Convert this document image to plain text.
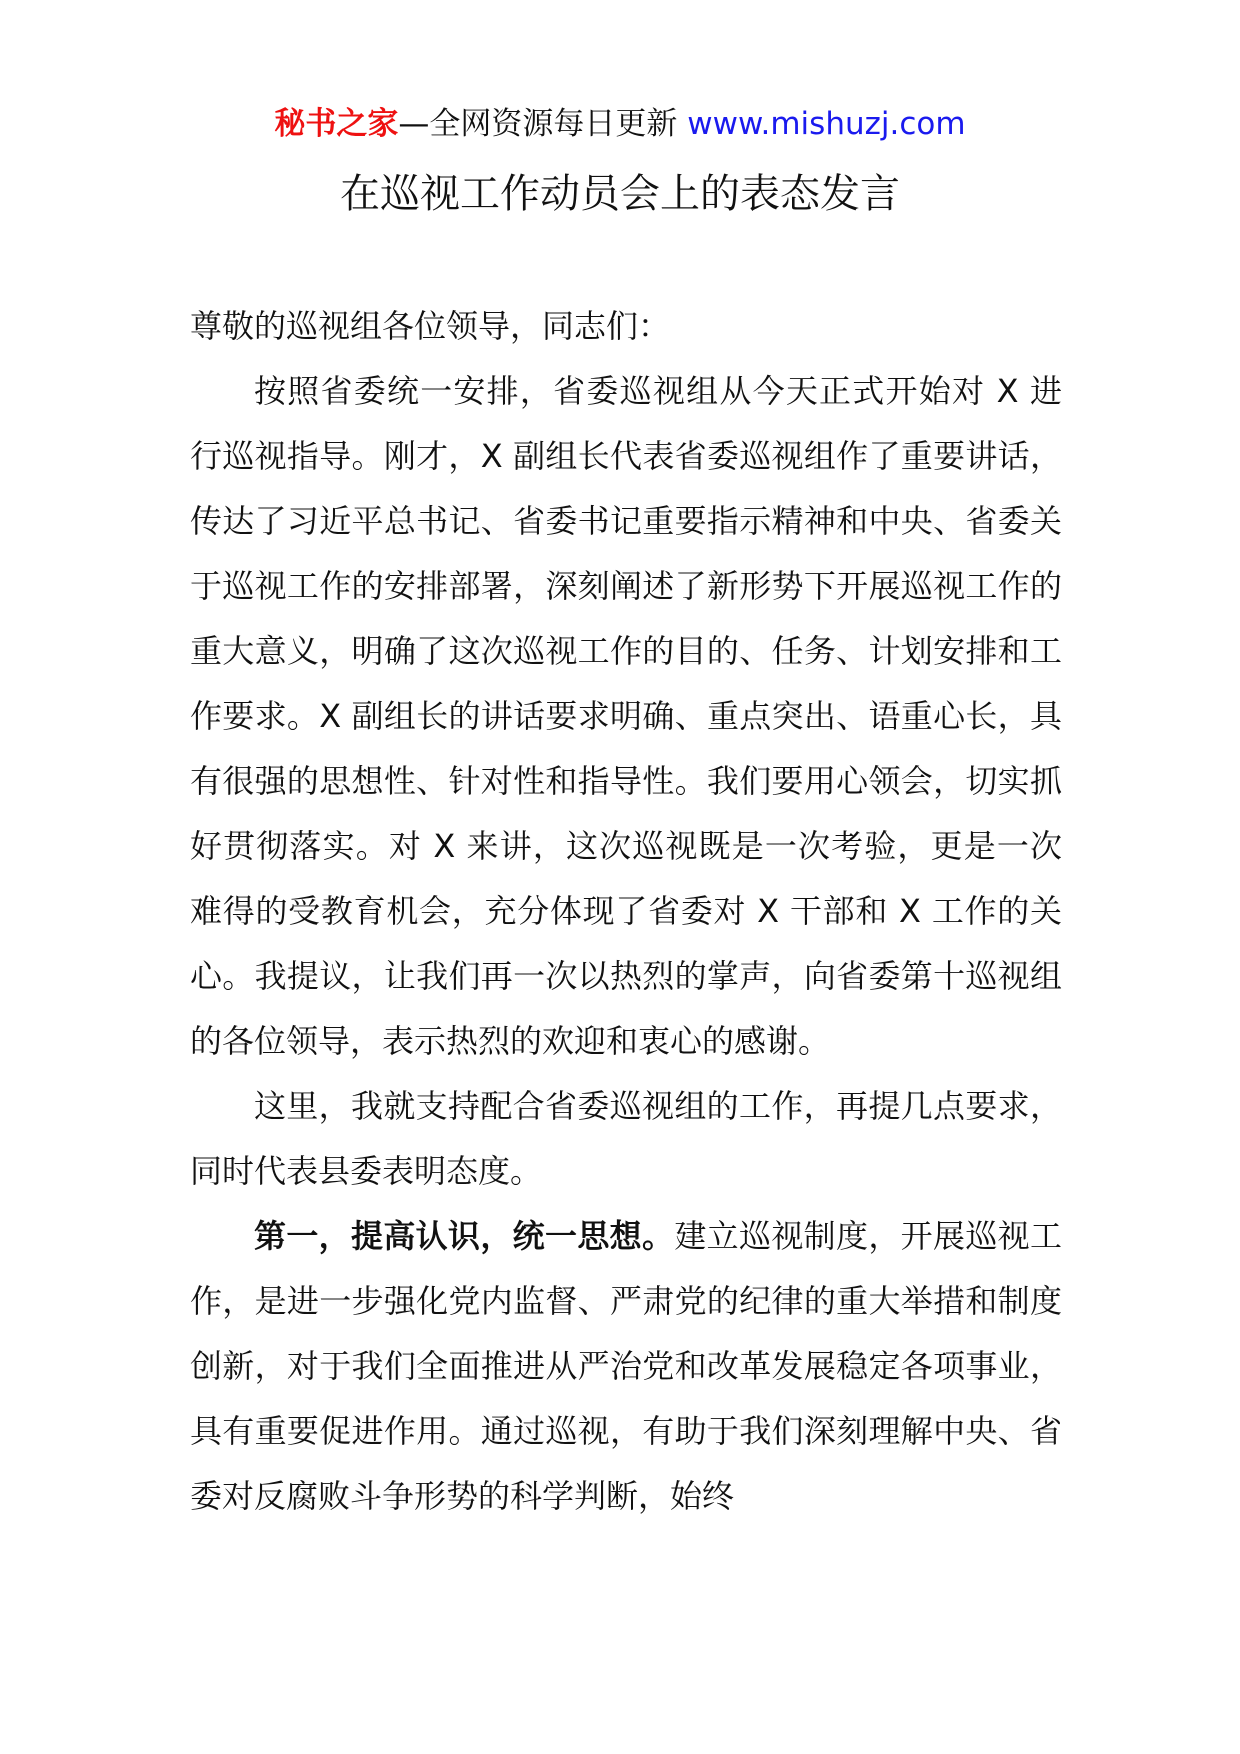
秘书之家—全网资源每日更新 www.mishuzj.com
在巡视工作动员会上的表态发言

尊敬的巡视组各位领导，同志们：

按照省委统一安排，省委巡视组从今天正式开始对 X 进行巡视指导。刚才，X 副组长代表省委巡视组作了重要讲话，传达了习近平总书记、省委书记重要指示精神和中央、省委关于巡视工作的安排部署，深刻阐述了新形势下开展巡视工作的重大意义，明确了这次巡视工作的目的、任务、计划安排和工作要求。X 副组长的讲话要求明确、重点突出、语重心长，具有很强的思想性、针对性和指导性。我们要用心领会，切实抓好贯彻落实。对 X 来讲，这次巡视既是一次考验，更是一次难得的受教育机会，充分体现了省委对 X 干部和 X 工作的关心。我提议，让我们再一次以热烈的掌声，向省委第十巡视组的各位领导，表示热烈的欢迎和衷心的感谢。

这里，我就支持配合省委巡视组的工作，再提几点要求，同时代表县委表明态度。

第一，提高认识，统一思想。建立巡视制度，开展巡视工作，是进一步强化党内监督、严肃党的纪律的重大举措和制度创新，对于我们全面推进从严治党和改革发展稳定各项事业，具有重要促进作用。通过巡视，有助于我们深刻理解中央、省委对反腐败斗争形势的科学判断，始终
